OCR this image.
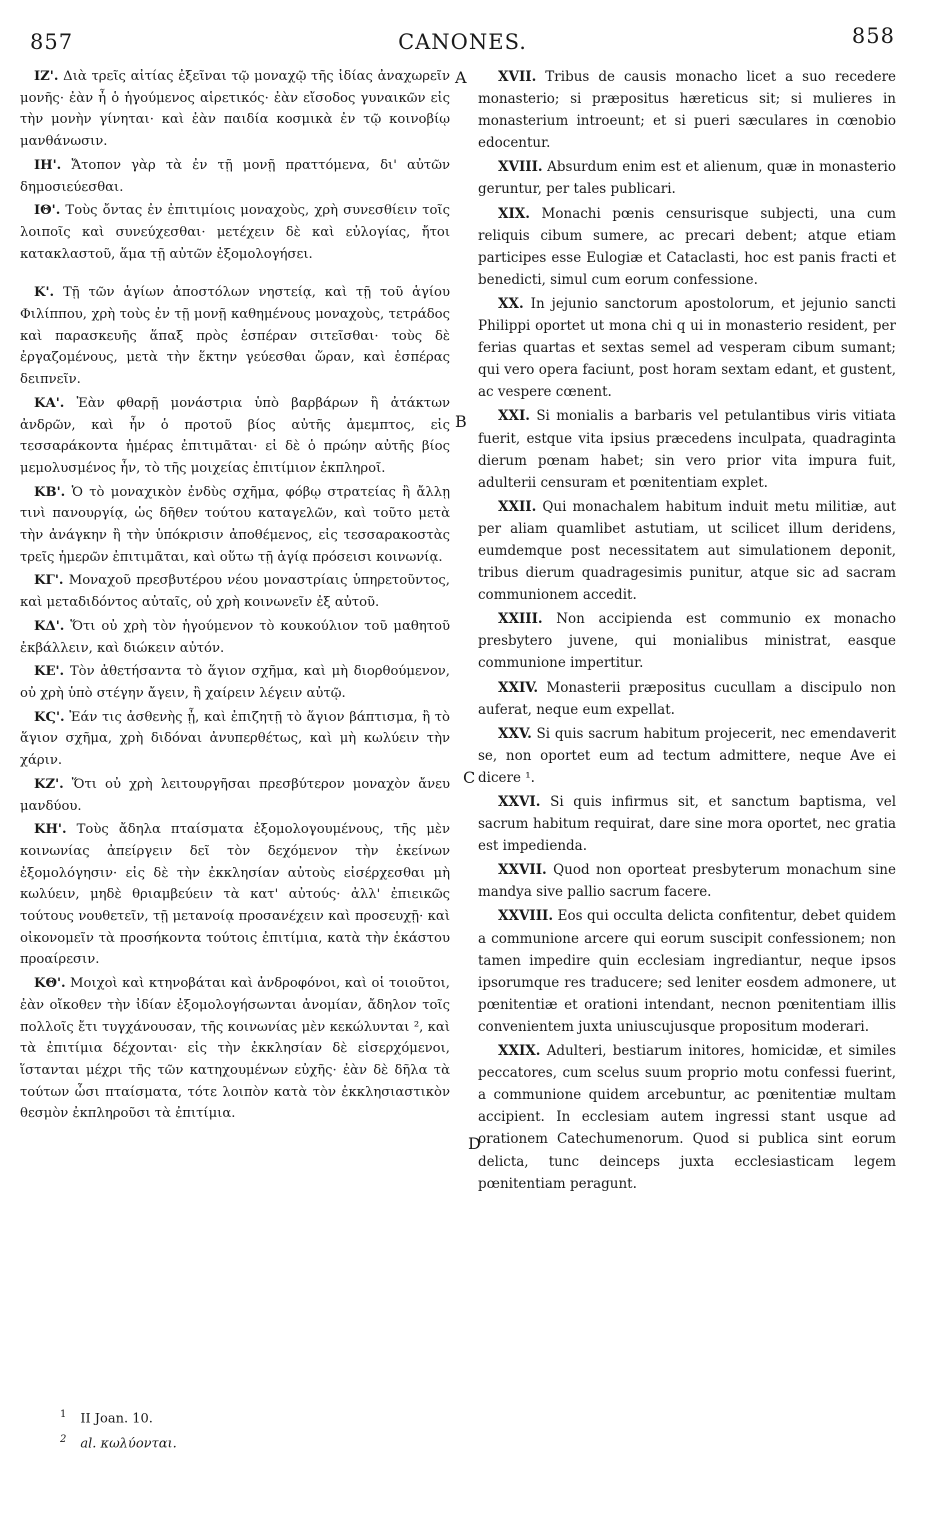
857	CANONES.	858
A
B
C
D

ΙΖ'. Διὰ τρεῖς αἰτίας ἐξεῖναι τῷ μοναχῷ τῆς ἰδίας ἀναχωρεῖν μονῆς· ἐὰν ἦ ὁ ἡγούμενος αἱρετικός· ἐὰν εἴσοδος γυναικῶν εἰς τὴν μονὴν γίνηται· καὶ ἐὰν παιδία κοσμικὰ ἐν τῷ κοινοβίῳ μανθάνωσιν.

ΙΗ'. Ἄτοπον γὰρ τὰ ἐν τῇ μονῇ πραττόμενα, δι' αὐτῶν δημοσιεύεσθαι.

ΙΘ'. Τοὺς ὄντας ἐν ἐπιτιμίοις μοναχοὺς, χρὴ συνεσθίειν τοῖς λοιποῖς καὶ συνεύχεσθαι· μετέχειν δὲ καὶ εὐλογίας, ἤτοι κατακλαστοῦ, ἅμα τῇ αὐτῶν ἐξομολογήσει.

Κ'. Τῇ τῶν ἁγίων ἀποστόλων νηστείᾳ, καὶ τῇ τοῦ ἁγίου Φιλίππου, χρὴ τοὺς ἐν τῇ μονῇ καθημένους μοναχοὺς, τετράδος καὶ παρασκευῆς ἅπαξ πρὸς ἑσπέραν σιτεῖσθαι· τοὺς δὲ ἐργαζομένους, μετὰ τὴν ἕκτην γεύεσθαι ὥραν, καὶ ἑσπέρας δειπνεῖν.

ΚΑ'. Ἐὰν φθαρῇ μονάστρια ὑπὸ βαρβάρων ἢ ἀτάκτων ἀνδρῶν, καὶ ἦν ὁ προτοῦ βίος αὐτῆς ἀμεμπτος, εἰς τεσσαράκοντα ἡμέρας ἐπιτιμᾶται· εἰ δὲ ὁ πρώην αὐτῆς βίος μεμολυσμένος ἦν, τὸ τῆς μοιχείας ἐπιτίμιον ἐκπληροῖ.

ΚΒ'. Ὁ τὸ μοναχικὸν ἐνδὺς σχῆμα, φόβῳ στρατείας ἢ ἄλλῃ τινὶ πανουργίᾳ, ὡς δῆθεν τούτου καταγελῶν, καὶ τοῦτο μετὰ τὴν ἀνάγκην ἢ τὴν ὑπόκρισιν ἀποθέμενος, εἰς τεσσαρακοστὰς τρεῖς ἡμερῶν ἐπιτιμᾶται, καὶ οὕτω τῇ ἁγίᾳ πρόσεισι κοινωνίᾳ.

ΚΓ'. Μοναχοῦ πρεσβυτέρου νέου μοναστρίαις ὑπηρετοῦντος, καὶ μεταδιδόντος αὐταῖς, οὐ χρὴ κοινωνεῖν ἐξ αὐτοῦ.

ΚΔ'. Ὅτι οὐ χρὴ τὸν ἡγούμενον τὸ κουκούλιον τοῦ μαθητοῦ ἐκβάλλειν, καὶ διώκειν αὐτόν.

ΚΕ'. Τὸν ἀθετήσαντα τὸ ἅγιον σχῆμα, καὶ μὴ διορθούμενον, οὐ χρὴ ὑπὸ στέγην ἄγειν, ἢ χαίρειν λέγειν αὐτῷ.

ΚϚ'. Ἐάν τις ἀσθενὴς ᾖ, καὶ ἐπιζητῇ τὸ ἅγιον βάπτισμα, ἢ τὸ ἅγιον σχῆμα, χρὴ διδόναι ἀνυπερθέτως, καὶ μὴ κωλύειν τὴν χάριν.

ΚΖ'. Ὅτι οὐ χρὴ λειτουργῆσαι πρεσβύτερον μοναχὸν ἄνευ μανδύου.

ΚΗ'. Τοὺς ἄδηλα πταίσματα ἐξομολογουμένους, τῆς μὲν κοινωνίας ἀπείργειν δεῖ τὸν δεχόμενον τὴν ἐκείνων ἐξομολόγησιν· εἰς δὲ τὴν ἐκκλησίαν αὐτοὺς εἰσέρχεσθαι μὴ κωλύειν, μηδὲ θριαμβεύειν τὰ κατ' αὐτούς· ἀλλ' ἐπιεικῶς τούτους νουθετεῖν, τῇ μετανοίᾳ προσανέχειν καὶ προσευχῇ· καὶ οἰκονομεῖν τὰ προσήκοντα τούτοις ἐπιτίμια, κατὰ τὴν ἑκάστου προαίρεσιν.

ΚΘ'. Μοιχοὶ καὶ κτηνοβάται καὶ ἀνδροφόνοι, καὶ οἱ τοιοῦτοι, ἐὰν οἴκοθεν τὴν ἰδίαν ἐξομολογήσωνται ἀνομίαν, ἄδηλον τοῖς πολλοῖς ἔτι τυγχάνουσαν, τῆς κοινωνίας μὲν κεκώλυνται ², καὶ τὰ ἐπιτίμια δέχονται· εἰς τὴν ἐκκλησίαν δὲ εἰσερχόμενοι, ἵστανται μέχρι τῆς τῶν κατηχουμένων εὐχῆς· ἐὰν δὲ δῆλα τὰ τούτων ὦσι πταίσματα, τότε λοιπὸν κατὰ τὸν ἐκκλησιαστικὸν θεσμὸν ἐκπληροῦσι τὰ ἐπιτίμια.

XVII. Tribus de causis monacho licet a suo recedere monasterio; si præpositus hæreticus sit; si mulieres in monasterium introeunt; et si pueri sæculares in cœnobio edocentur.

XVIII. Absurdum enim est et alienum, quæ in monasterio geruntur, per tales publicari.

XIX. Monachi pœnis censurisque subjecti, una cum reliquis cibum sumere, ac precari debent; atque etiam participes esse Eulogiæ et Cataclasti, hoc est panis fracti et benedicti, simul cum eorum confessione.

XX. In jejunio sanctorum apostolorum, et jejunio sancti Philippi oportet ut mona chi q ui in monasterio resident, per ferias quartas et sextas semel ad vesperam cibum sumant; qui vero opera faciunt, post horam sextam edant, et gustent, ac vespere cœnent.

XXI. Si monialis a barbaris vel petulantibus viris vitiata fuerit, estque vita ipsius præcedens inculpata, quadraginta dierum pœnam habet; sin vero prior vita impura fuit, adulterii censuram et pœnitentiam explet.

XXII. Qui monachalem habitum induit metu militiæ, aut per aliam quamlibet astutiam, ut scilicet illum deridens, eumdemque post necessitatem aut simulationem deponit, tribus dierum quadragesimis punitur, atque sic ad sacram communionem accedit.

XXIII. Non accipienda est communio ex monacho presbytero juvene, qui monialibus ministrat, easque communione impertitur.

XXIV. Monasterii præpositus cucullam a discipulo non auferat, neque eum expellat.

XXV. Si quis sacrum habitum projecerit, nec emendaverit se, non oportet eum ad tectum admittere, neque Ave ei dicere ¹.

XXVI. Si quis infirmus sit, et sanctum baptisma, vel sacrum habitum requirat, dare sine mora oportet, nec gratia est impedienda.

XXVII. Quod non oporteat presbyterum monachum sine mandya sive pallio sacrum facere.

XXVIII. Eos qui occulta delicta confitentur, debet quidem a communione arcere qui eorum suscipit confessionem; non tamen impedire quin ecclesiam ingrediantur, neque ipsos ipsorumque res traducere; sed leniter eosdem admonere, ut pœnitentiæ et orationi intendant, necnon pœnitentiam illis convenientem juxta uniuscujusque propositum moderari.

XXIX. Adulteri, bestiarum initores, homicidæ, et similes peccatores, cum scelus suum proprio motu confessi fuerint, a communione quidem arcebuntur, ac pœnitentiæ multam accipient. In ecclesiam autem ingressi stant usque ad orationem Catechumenorum. Quod si publica sint eorum delicta, tunc deinceps juxta ecclesiasticam legem pœnitentiam peragunt.

$^1$ II Joan. 10.

$^2$ al. κωλύονται.
